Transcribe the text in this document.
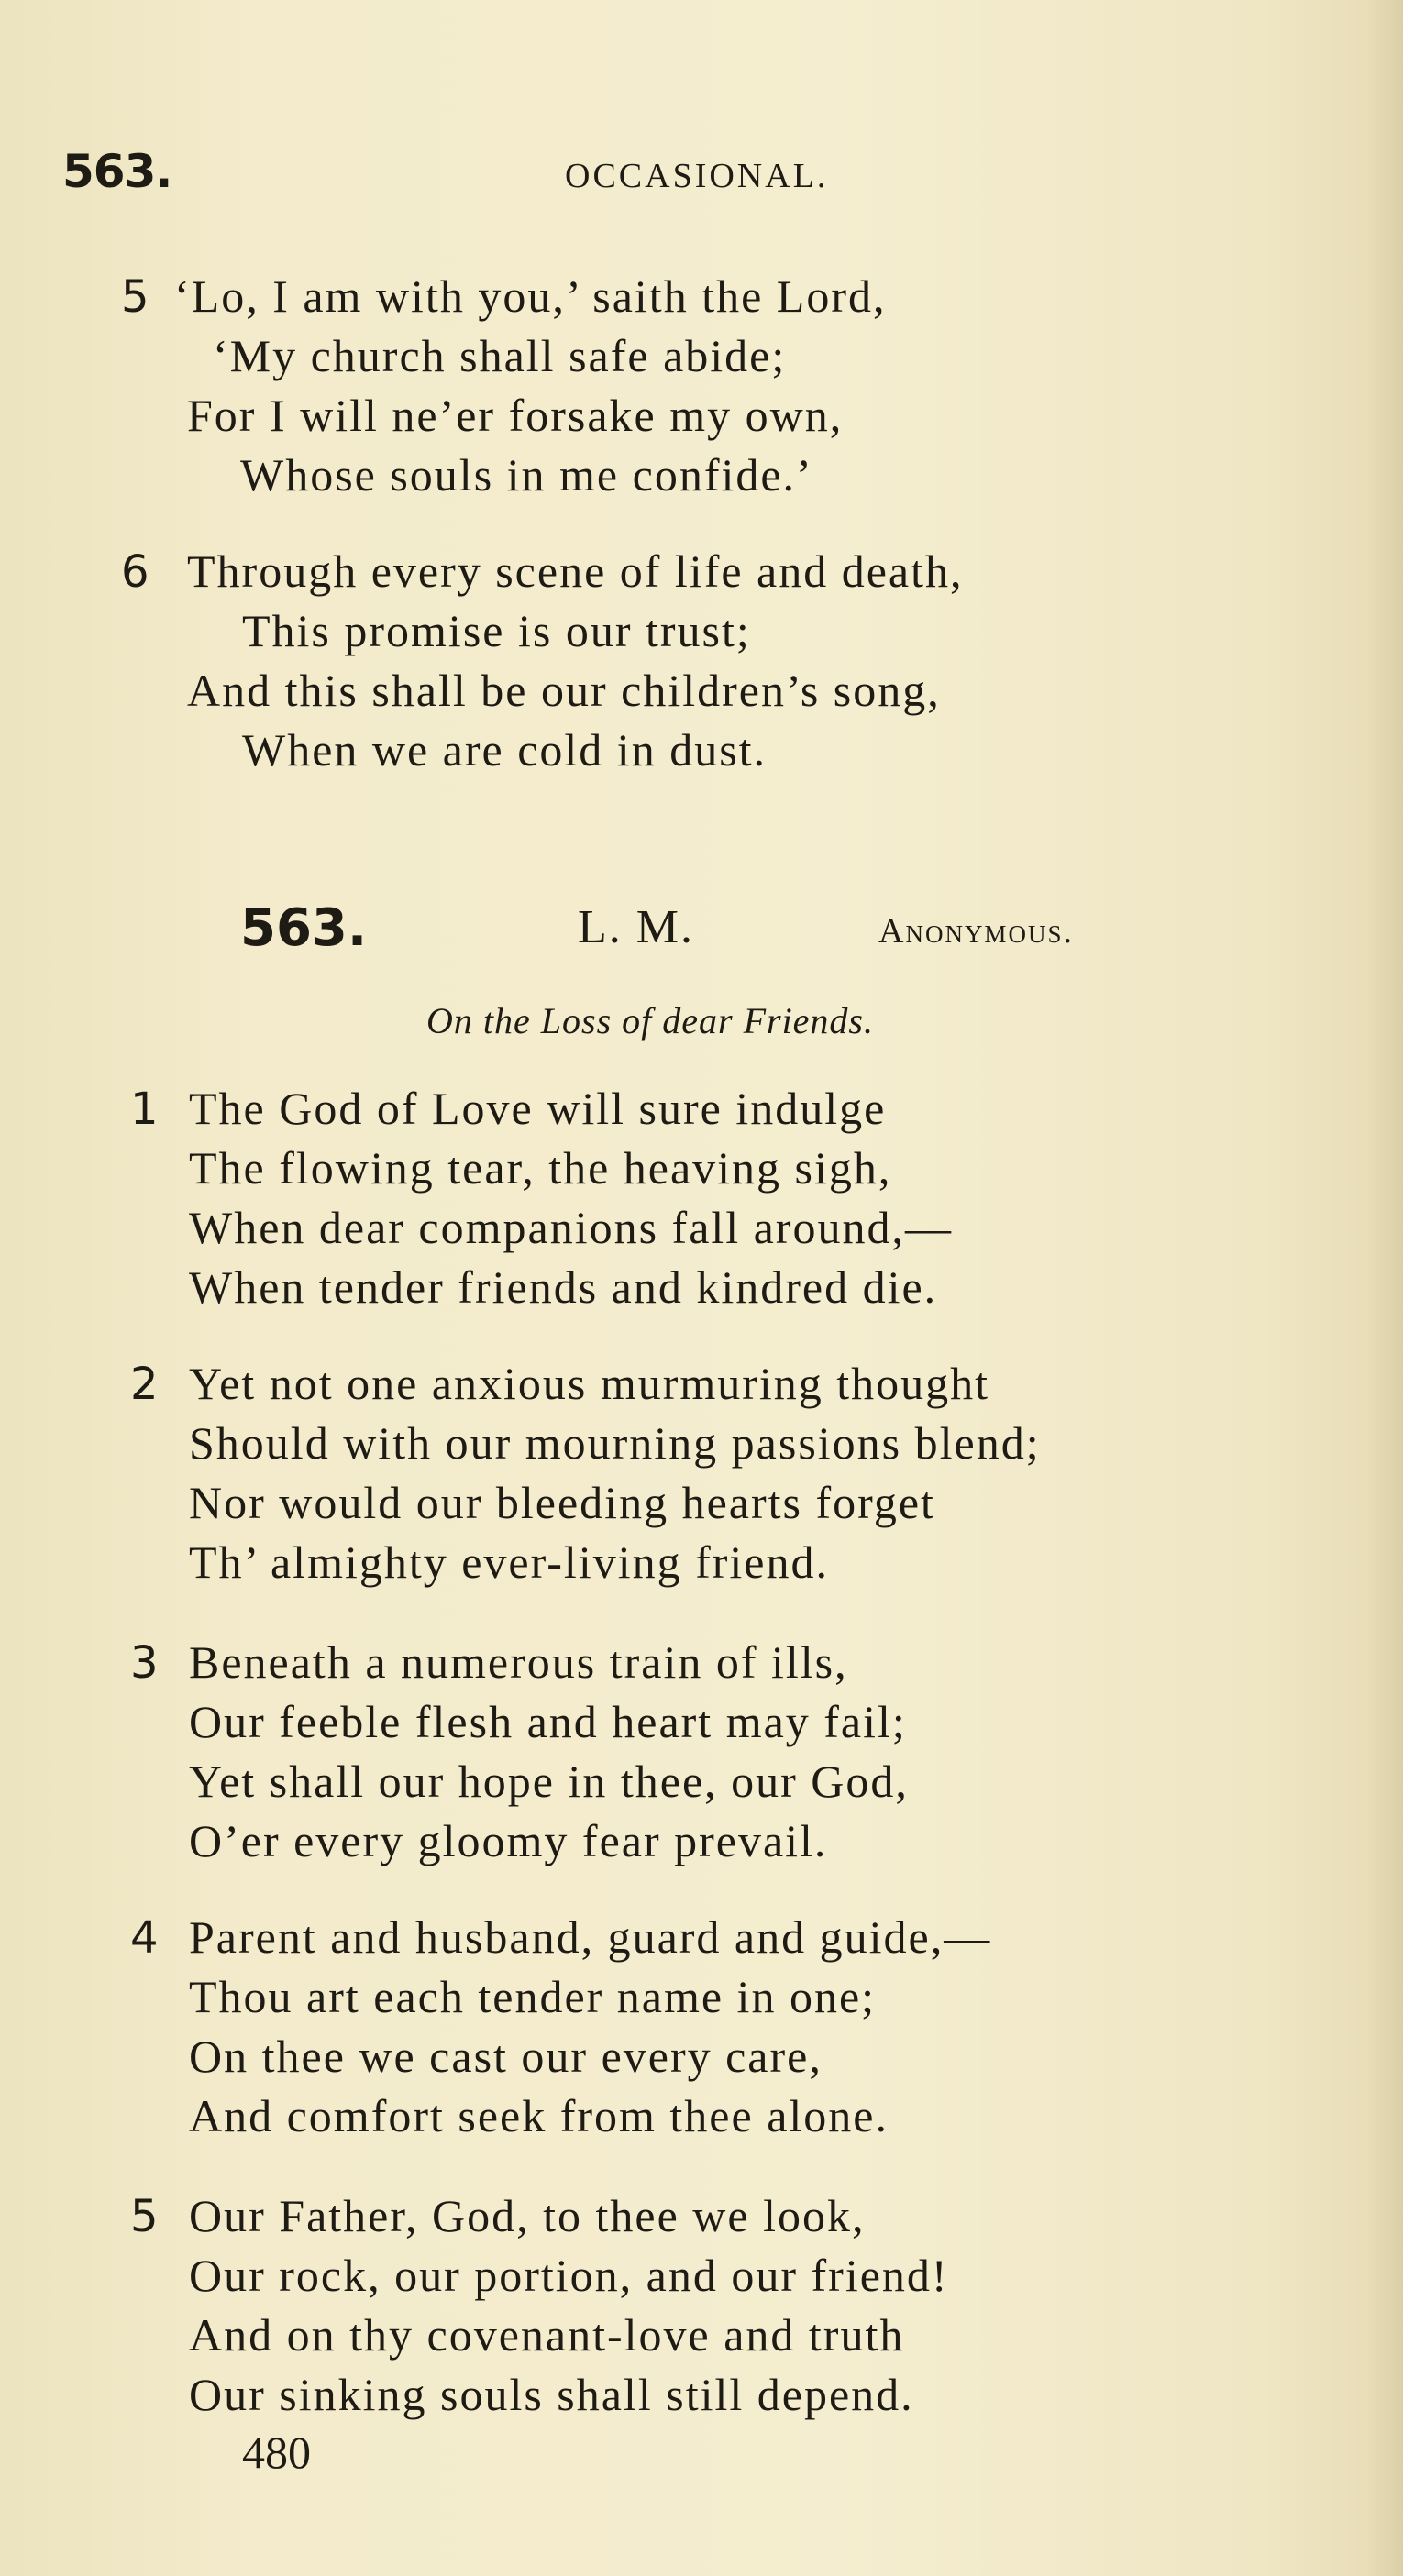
563.	OCCASIONAL.
5 ‘Lo, I am with you,’ saith the Lord,
‘My church shall safe abide;
For I will ne’er forsake my own,
Whose souls in me confide.’
6 Through every scene of life and death,
This promise is our trust;
And this shall be our children’s song,
When we are cold in dust.
563.	L. M.	Anonymous.
On the Loss of dear Friends.
1 The God of Love will sure indulge
The flowing tear, the heaving sigh,
When dear companions fall around,—
When tender friends and kindred die.
2 Yet not one anxious murmuring thought
Should with our mourning passions blend;
Nor would our bleeding hearts forget
Th’ almighty ever-living friend.
3 Beneath a numerous train of ills,
Our feeble flesh and heart may fail;
Yet shall our hope in thee, our God,
O’er every gloomy fear prevail.
4 Parent and husband, guard and guide,—
Thou art each tender name in one;
On thee we cast our every care,
And comfort seek from thee alone.
5 Our Father, God, to thee we look,
Our rock, our portion, and our friend!
And on thy covenant-love and truth
Our sinking souls shall still depend.
480
